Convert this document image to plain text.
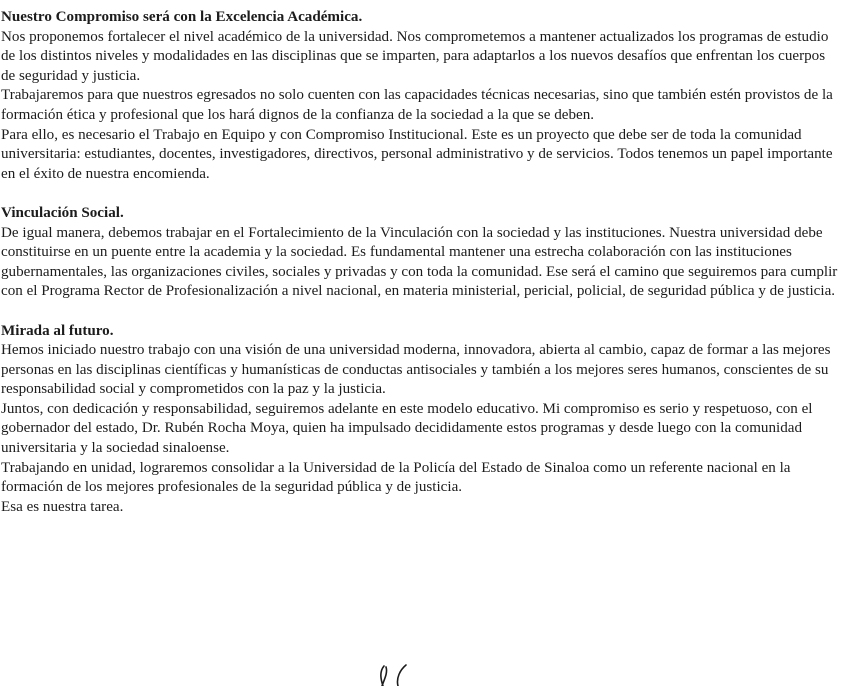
Nuestro Compromiso será con la Excelencia Académica.

Nos proponemos fortalecer el nivel académico de la universidad. Nos comprometemos a mantener actualizados los programas de estudio de los distintos niveles y modalidades en las disciplinas que se imparten, para adaptarlos a los nuevos desafíos que enfrentan los cuerpos de seguridad y justicia.

Trabajaremos para que nuestros egresados no solo cuenten con las capacidades técnicas necesarias, sino que también estén provistos de la formación ética y profesional que los hará dignos de la confianza de la sociedad a la que se deben.

Para ello, es necesario el Trabajo en Equipo y con Compromiso Institucional. Este es un proyecto que debe ser de toda la comunidad universitaria: estudiantes, docentes, investigadores, directivos, personal administrativo y de servicios. Todos tenemos un papel importante en el éxito de nuestra encomienda.

Vinculación Social.

De igual manera, debemos trabajar en el Fortalecimiento de la Vinculación con la sociedad y las instituciones. Nuestra universidad debe constituirse en un puente entre la academia y la sociedad. Es fundamental mantener una estrecha colaboración con las instituciones gubernamentales, las organizaciones civiles, sociales y privadas y con toda la comunidad. Ese será el camino que seguiremos para cumplir con el Programa Rector de Profesionalización a nivel nacional, en materia ministerial, pericial, policial, de seguridad pública y de justicia.

Mirada al futuro.

Hemos iniciado nuestro trabajo con una visión de una universidad moderna, innovadora, abierta al cambio, capaz de formar a las mejores personas en las disciplinas científicas y humanísticas de conductas antisociales y también a los mejores seres humanos, conscientes de su responsabilidad social y comprometidos con la paz y la justicia.

Juntos, con dedicación y responsabilidad, seguiremos adelante en este modelo educativo. Mi compromiso es serio y respetuoso, con el gobernador del estado, Dr. Rubén Rocha Moya, quien ha impulsado decididamente estos programas y desde luego con la comunidad universitaria y la sociedad sinaloense.

Trabajando en unidad, lograremos consolidar a la Universidad de la Policía del Estado de Sinaloa como un referente nacional en la formación de los mejores profesionales de la seguridad pública y de justicia.

Esa es nuestra tarea.
